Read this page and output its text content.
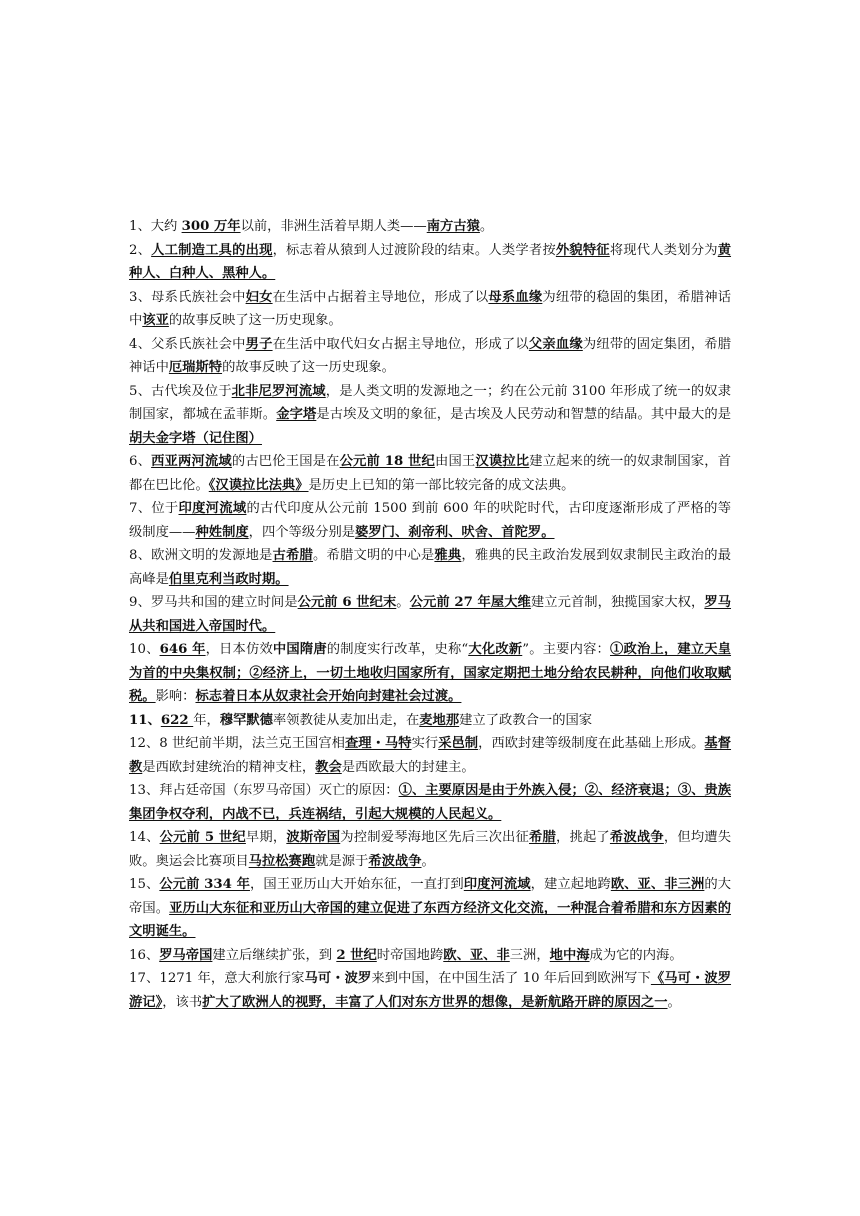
1、大约 300 万年以前，非洲生活着早期人类——南方古猿。

2、人工制造工具的出现，标志着从猿到人过渡阶段的结束。人类学者按外貌特征将现代人类划分为黄种人、白种人、黑种人。

3、母系氏族社会中妇女在生活中占据着主导地位，形成了以母系血缘为纽带的稳固的集团，希腊神话中该亚的故事反映了这一历史现象。

4、父系氏族社会中男子在生活中取代妇女占据主导地位，形成了以父亲血缘为纽带的固定集团，希腊神话中厄瑞斯特的故事反映了这一历史现象。

5、古代埃及位于北非尼罗河流域，是人类文明的发源地之一；约在公元前 3100 年形成了统一的奴隶制国家，都城在孟菲斯。金字塔是古埃及文明的象征，是古埃及人民劳动和智慧的结晶。其中最大的是胡夫金字塔（记住图）

6、西亚两河流域的古巴伦王国是在公元前 18 世纪由国王汉谟拉比建立起来的统一的奴隶制国家，首都在巴比伦。《汉谟拉比法典》是历史上已知的第一部比较完备的成文法典。

7、位于印度河流域的古代印度从公元前 1500 到前 600 年的吠陀时代，古印度逐渐形成了严格的等级制度——种姓制度，四个等级分别是婆罗门、刹帝利、吠舍、首陀罗。

8、欧洲文明的发源地是古希腊。希腊文明的中心是雅典，雅典的民主政治发展到奴隶制民主政治的最高峰是伯里克利当政时期。

9、罗马共和国的建立时间是公元前 6 世纪末。公元前 27 年屋大维建立元首制，独揽国家大权，罗马从共和国进入帝国时代。

10、646 年，日本仿效中国隋唐的制度实行改革，史称“大化改新”。主要内容：①政治上，建立天皇为首的中央集权制；②经济上，一切土地收归国家所有，国家定期把土地分给农民耕种，向他们收取赋税。影响：标志着日本从奴隶社会开始向封建社会过渡。

11、622 年，穆罕默德率领教徒从麦加出走，在麦地那建立了政教合一的国家

12、8 世纪前半期，法兰克王国宫相查理・马特实行采邑制，西欧封建等级制度在此基础上形成。基督教是西欧封建统治的精神支柱，教会是西欧最大的封建主。

13、拜占廷帝国（东罗马帝国）灭亡的原因：①、主要原因是由于外族入侵；②、经济衰退；③、贵族集团争权夺利，内战不已，兵连祸结，引起大规模的人民起义。

14、公元前 5 世纪早期，波斯帝国为控制爱琴海地区先后三次出征希腊，挑起了希波战争，但均遭失败。奥运会比赛项目马拉松赛跑就是源于希波战争。

15、公元前 334 年，国王亚历山大开始东征，一直打到印度河流域，建立起地跨欧、亚、非三洲的大帝国。亚历山大东征和亚历山大帝国的建立促进了东西方经济文化交流，一种混合着希腊和东方因素的文明诞生。

16、罗马帝国建立后继续扩张，到 2 世纪时帝国地跨欧、亚、非三洲，地中海成为它的内海。

17、1271 年，意大利旅行家马可・波罗来到中国，在中国生活了 10 年后回到欧洲写下《马可・波罗游记》，该书扩大了欧洲人的视野，丰富了人们对东方世界的想像，是新航路开辟的原因之一。
